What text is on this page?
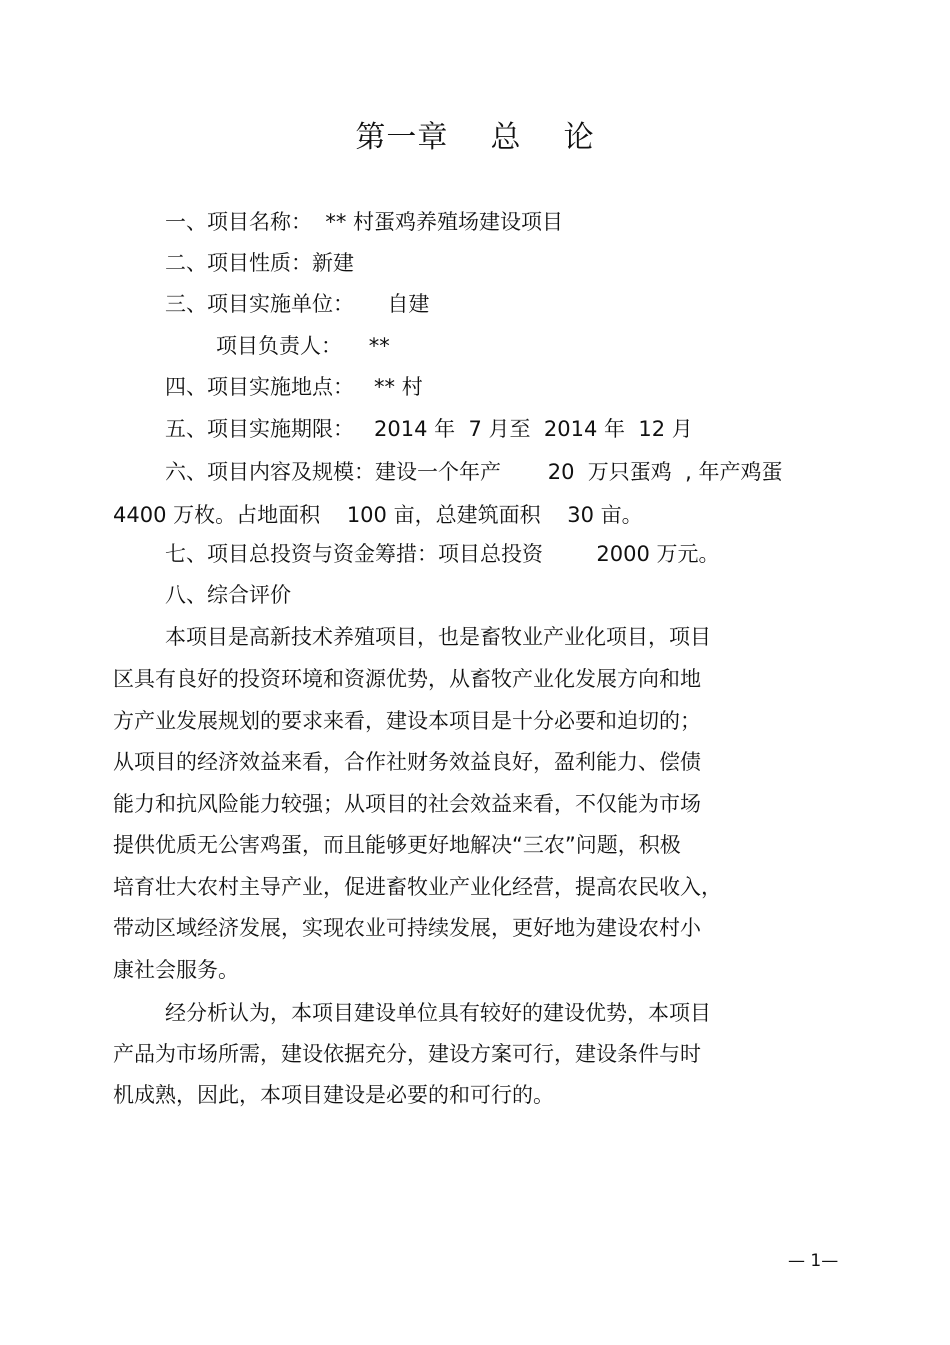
第一章    总    论
一、项目名称：  ** 村蛋鸡养殖场建设项目
二、项目性质：新建
三、项目实施单位：     自建
项目负责人：    **
四、项目实施地点：   ** 村
五、项目实施期限：   2014 年  7 月至  2014 年  12 月
六、项目内容及规模：建设一个年产       20  万只蛋鸡  , 年产鸡蛋
4400 万枚。占地面积    100 亩，总建筑面积    30 亩。
七、项目总投资与资金筹措：项目总投资        2000 万元。
八、综合评价
本项目是高新技术养殖项目，也是畜牧业产业化项目，项目
区具有良好的投资环境和资源优势，从畜牧产业化发展方向和地
方产业发展规划的要求来看，建设本项目是十分必要和迫切的；
从项目的经济效益来看，合作社财务效益良好，盈利能力、偿债
能力和抗风险能力较强；从项目的社会效益来看，不仅能为市场
提供优质无公害鸡蛋，而且能够更好地解决“三农”问题，积极
培育壮大农村主导产业，促进畜牧业产业化经营，提高农民收入，
带动区域经济发展，实现农业可持续发展，更好地为建设农村小
康社会服务。
经分析认为，本项目建设单位具有较好的建设优势，本项目
产品为市场所需，建设依据充分，建设方案可行，建设条件与时
机成熟，因此，本项目建设是必要的和可行的。
— 1—
